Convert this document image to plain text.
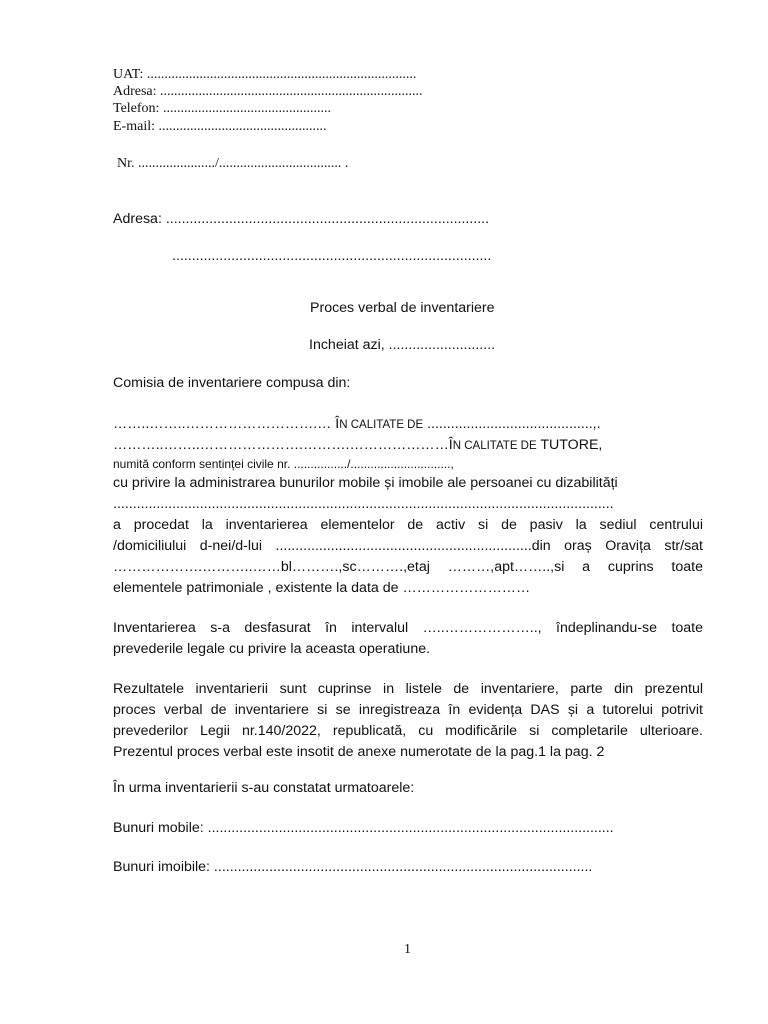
UAT: .............................................................................
Adresa: ...........................................................................
Telefon: ................................................
E-mail: ................................................
Nr. ....................../................................... .
Adresa: ..................................................................................
.................................................................................
Proces verbal de inventariere
Incheiat azi, ...........................
Comisia de inventariere compusa din:
……..……..……………………….… ÎN CALITATE DE ..........................................,.
………..……..………………….……….…………………ÎN CALITATE DE TUTORE,
numită conform sentinței civile nr. ................/..............................,
cu privire la administrarea bunurilor mobile și imobile ale persoanei cu dizabilități
...............................................................................................................................
a procedat la inventarierea elementelor de activ si de pasiv la sediul centrului
/domiciliului d-nei/d-lui .................................................................din oraș Oravița str/sat
……………….………..……bl……….,sc……….,etaj ………,apt……..,si a cuprins toate
elementele patrimoniale , existente la data de ………………………
Inventarierea s-a desfasurat în intervalul …..……………….., îndeplinandu-se toate
prevederile legale cu privire la aceasta operatiune.
Rezultatele inventarierii sunt cuprinse in listele de inventariere, parte din prezentul
proces verbal de inventariere si se inregistreaza în evidența DAS și a tutorelui potrivit
prevederilor Legii nr.140/2022, republicată, cu modificările si completarile ulterioare.
Prezentul proces verbal este insotit de anexe numerotate de la pag.1 la pag. 2
În urma inventarierii s-au constatat urmatoarele:
Bunuri mobile: .......................................................................................................
Bunuri imoibile: ................................................................................................
1
